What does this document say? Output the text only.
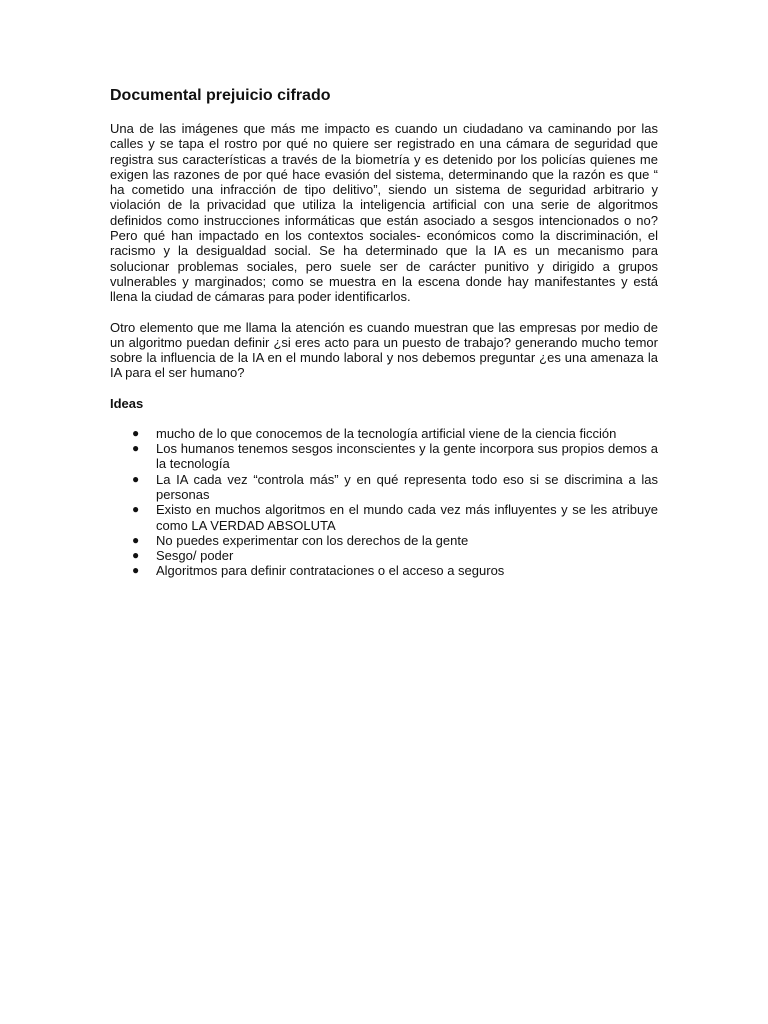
Documental prejuicio cifrado

Una de las imágenes que más me impacto es cuando un ciudadano va caminando por las calles y se tapa el rostro por qué no quiere ser registrado en una cámara de seguridad que registra sus características a través de la biometría y es detenido por los policías quienes me exigen las razones de por qué hace evasión del sistema, determinando que la razón es que “ ha cometido una infracción de tipo delitivo”, siendo un sistema de seguridad arbitrario y violación de la privacidad que utiliza la inteligencia artificial con una serie de algoritmos definidos como instrucciones informáticas que están asociado a sesgos intencionados o no? Pero qué han impactado en los contextos sociales- económicos como la discriminación, el racismo y la desigualdad social. Se ha determinado que la IA es un mecanismo para solucionar problemas sociales, pero suele ser de carácter punitivo y dirigido a grupos vulnerables y marginados; como se muestra en la escena donde hay manifestantes y está llena la ciudad de cámaras para poder identificarlos.

Otro elemento que me llama la atención es cuando muestran que las empresas por medio de un algoritmo puedan definir ¿si eres acto para un puesto de trabajo? generando mucho temor sobre la influencia de la IA en el mundo laboral y nos debemos preguntar ¿es una amenaza la IA para el ser humano?

Ideas
● mucho de lo que conocemos de la tecnología artificial viene de la ciencia ficción
● Los humanos tenemos sesgos inconscientes y la gente incorpora sus propios demos a la tecnología
● La IA cada vez “controla más” y en qué representa todo eso si se discrimina a las personas
● Existo en muchos algoritmos en el mundo cada vez más influyentes y se les atribuye como LA VERDAD ABSOLUTA
● No puedes experimentar con los derechos de la gente
● Sesgo/ poder
● Algoritmos para definir contrataciones o el acceso a seguros
